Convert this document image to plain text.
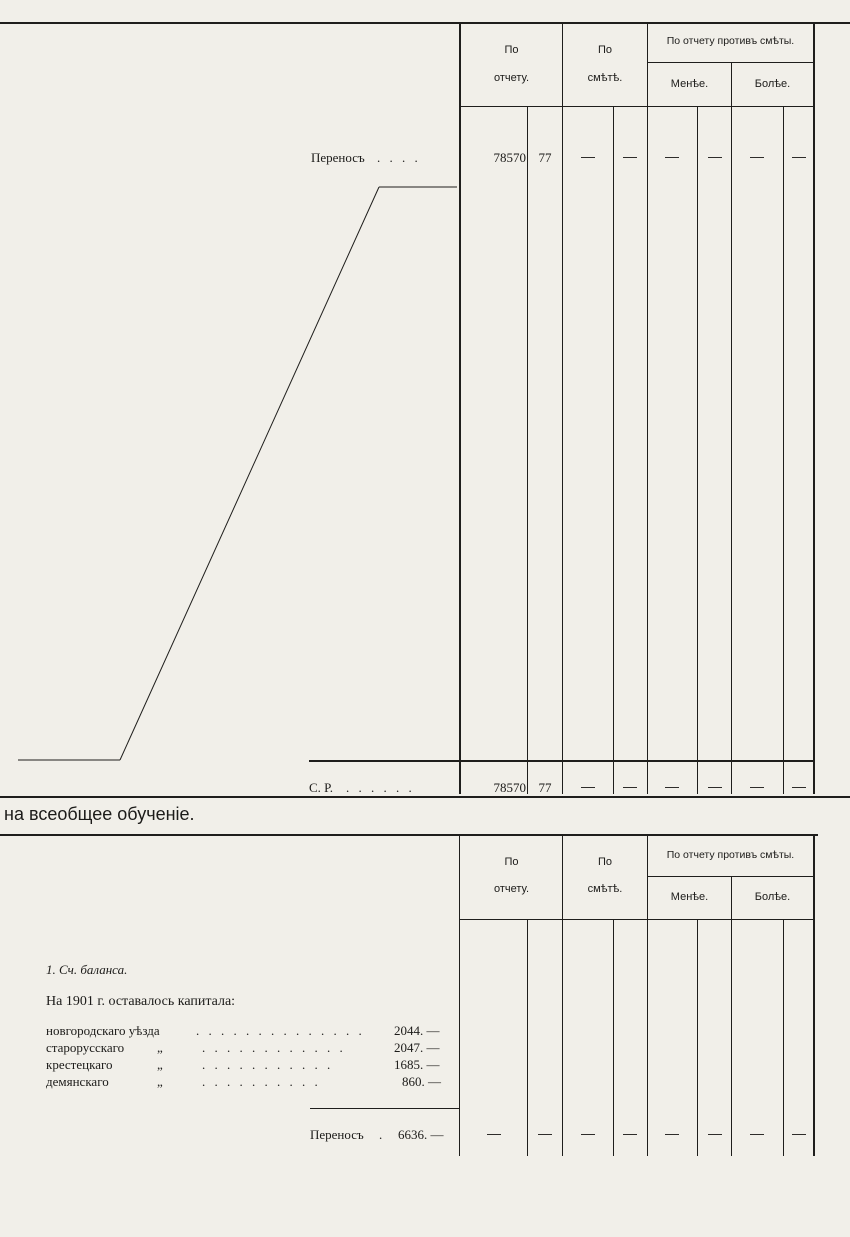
По
отчету.
По
смѣтѣ.
По отчету противъ смѣты.
Менѣе.	Болѣе.
Переносъ . . . .	78570 77	—	—	—	—	—	—
С. Р. . . . . . .	78570 77	—	—	—	—	—	—
на всеобщее обученіе.
По
отчету.
По
смѣтѣ.
По отчету противъ смѣты.
Менѣе.	Болѣе.
1. Сч. баланса.
На 1901 г. оставалось капитала:
новгородскаго уѣзда	. . . . . . . . . . . . . . 2044. —
старорусскаго	„	. . . . . . . . . . . .	2047. —
крестецкаго	„	. . . . . . . . . . .	1685. —
демянскаго	„	. . . . . . . . . .	860. —
Переносъ . 6636. —	—	—	—	—	—	—	—	—
